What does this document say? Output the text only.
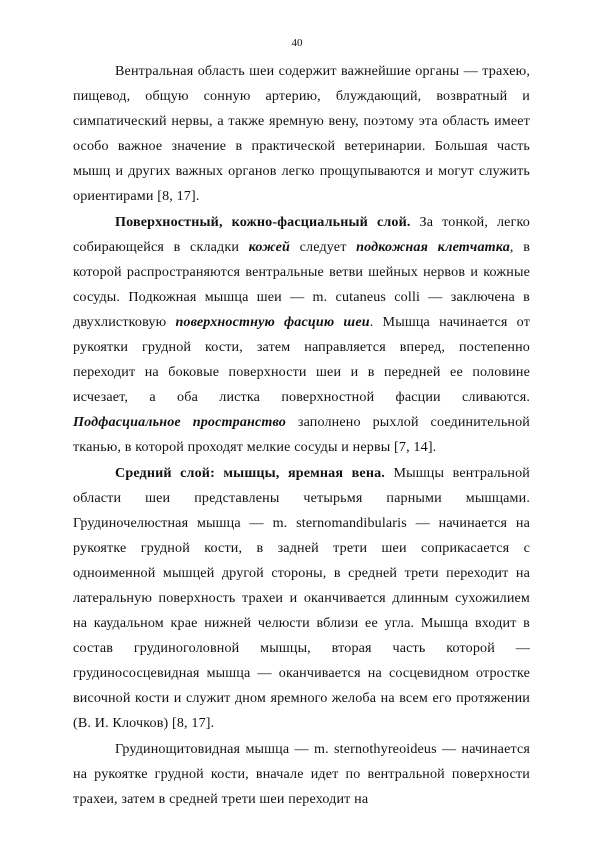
40

Вентральная область шеи содержит важнейшие органы — трахею, пищевод, общую сонную артерию, блуждающий, возвратный и симпатический нервы, а также яремную вену, поэтому эта область имеет особо важное значение в практической ветеринарии. Большая часть мышц и других важных органов легко прощупываются и могут служить ориентирами [8, 17].

Поверхностный, кожно-фасциальный слой. За тонкой, легко собирающейся в складки кожей следует подкожная клетчатка, в которой распространяются вентральные ветви шейных нервов и кожные сосуды. Подкожная мышца шеи — m. cutaneus colli — заключена в двухлистковую поверхностную фасцию шеи. Мышца начинается от рукоятки грудной кости, затем направляется вперед, постепенно переходит на боковые поверхности шеи и в передней ее половине исчезает, а оба листка поверхностной фасции сливаются. Подфасциальное пространство заполнено рыхлой соединительной тканью, в которой проходят мелкие сосуды и нервы [7, 14].

Средний слой: мышцы, яремная вена. Мышцы вентральной области шеи представлены четырьмя парными мышцами. Грудиночелюстная мышца — m. sternomandibularis — начинается на рукоятке грудной кости, в задней трети шеи соприкасается с одноименной мышцей другой стороны, в средней трети переходит на латеральную поверхность трахеи и оканчивается длинным сухожилием на каудальном крае нижней челюсти вблизи ее угла. Мышца входит в состав грудиноголовной мышцы, вторая часть которой — грудинососцевидная мышца — оканчивается на сосцевидном отростке височной кости и служит дном яремного желоба на всем его протяжении (В. И. Клочков) [8, 17].

Грудинощитовидная мышца — m. sternothyreoideus — начинается на рукоятке грудной кости, вначале идет по вентральной поверхности трахеи, затем в средней трети шеи переходит на
